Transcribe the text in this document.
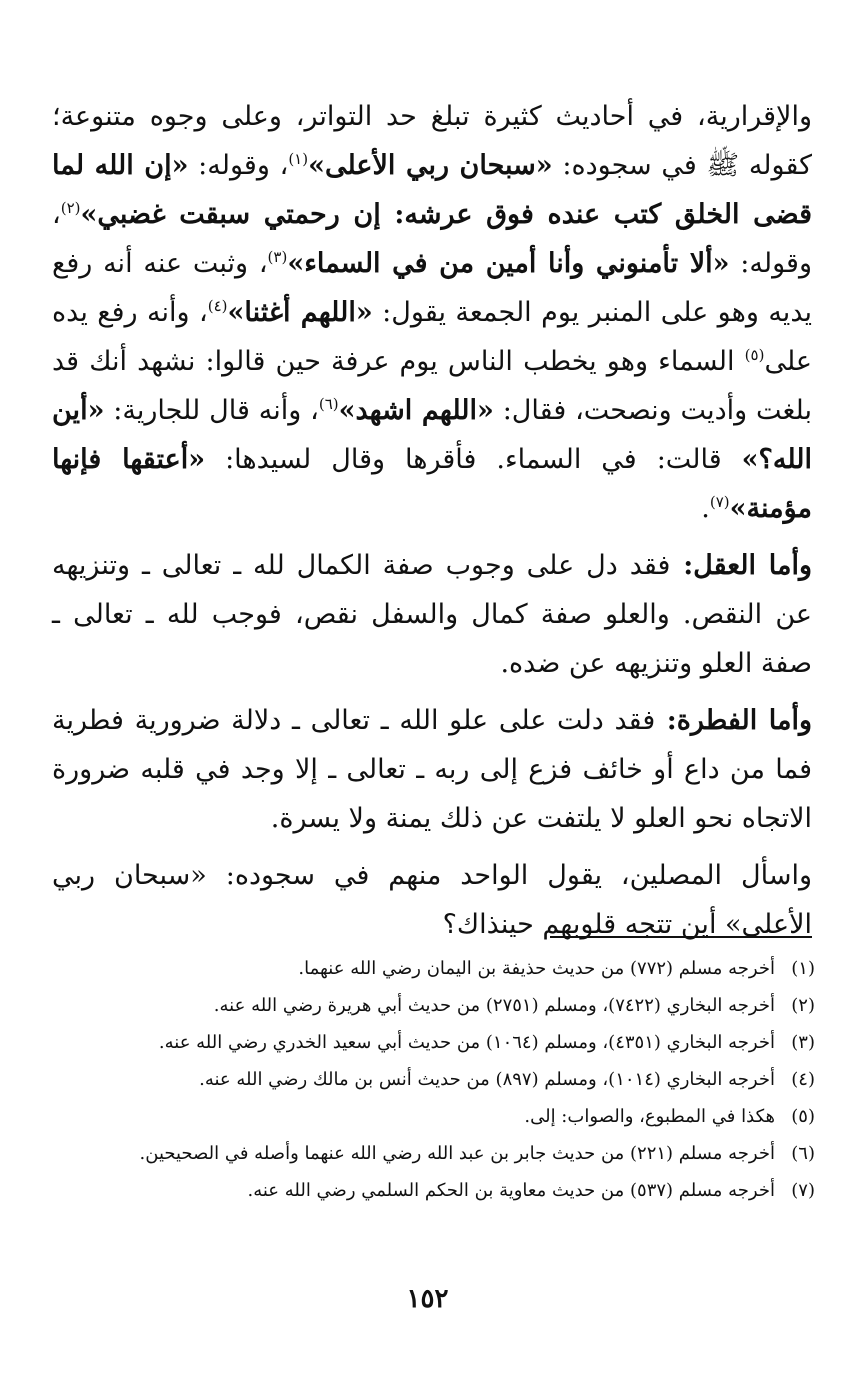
والإقرارية، في أحاديث كثيرة تبلغ حد التواتر، وعلى وجوه متنوعة؛ كقوله ﷺ في سجوده: «سبحان ربي الأعلى»$^{(١)}$، وقوله: «إن الله لما قضى الخلق كتب عنده فوق عرشه: إن رحمتي سبقت غضبي»$^{(٢)}$، وقوله: «ألا تأمنوني وأنا أمين من في السماء»$^{(٣)}$، وثبت عنه أنه رفع يديه وهو على المنبر يوم الجمعة يقول: «اللهم أغثنا»$^{(٤)}$، وأنه رفع يده على$^{(٥)}$ السماء وهو يخطب الناس يوم عرفة حين قالوا: نشهد أنك قد بلغت وأديت ونصحت، فقال: «اللهم اشهد»$^{(٦)}$، وأنه قال للجارية: «أين الله؟» قالت: في السماء. فأقرها وقال لسيدها: «أعتقها فإنها مؤمنة»$^{(٧)}$.

وأما العقل: فقد دل على وجوب صفة الكمال لله ـ تعالى ـ وتنزيهه عن النقص. والعلو صفة كمال والسفل نقص، فوجب لله ـ تعالى ـ صفة العلو وتنزيهه عن ضده.

وأما الفطرة: فقد دلت على علو الله ـ تعالى ـ دلالة ضرورية فطرية فما من داع أو خائف فزع إلى ربه ـ تعالى ـ إلا وجد في قلبه ضرورة الاتجاه نحو العلو لا يلتفت عن ذلك يمنة ولا يسرة.

واسأل المصلين، يقول الواحد منهم في سجوده: «سبحان ربي الأعلى» أين تتجه قلوبهم حينذاك؟

(١)
أخرجه مسلم (٧٧٢) من حديث حذيفة بن اليمان رضي الله عنهما.
(٢)
أخرجه البخاري (٧٤٢٢)، ومسلم (٢٧٥١) من حديث أبي هريرة رضي الله عنه.
(٣)
أخرجه البخاري (٤٣٥١)، ومسلم (١٠٦٤) من حديث أبي سعيد الخدري رضي الله عنه.
(٤)
أخرجه البخاري (١٠١٤)، ومسلم (٨٩٧) من حديث أنس بن مالك رضي الله عنه.
(٥)
هكذا في المطبوع، والصواب: إلى.
(٦)
أخرجه مسلم (٢٢١) من حديث جابر بن عبد الله رضي الله عنهما وأصله في الصحيحين.
(٧)
أخرجه مسلم (٥٣٧) من حديث معاوية بن الحكم السلمي رضي الله عنه.
١٥٢
